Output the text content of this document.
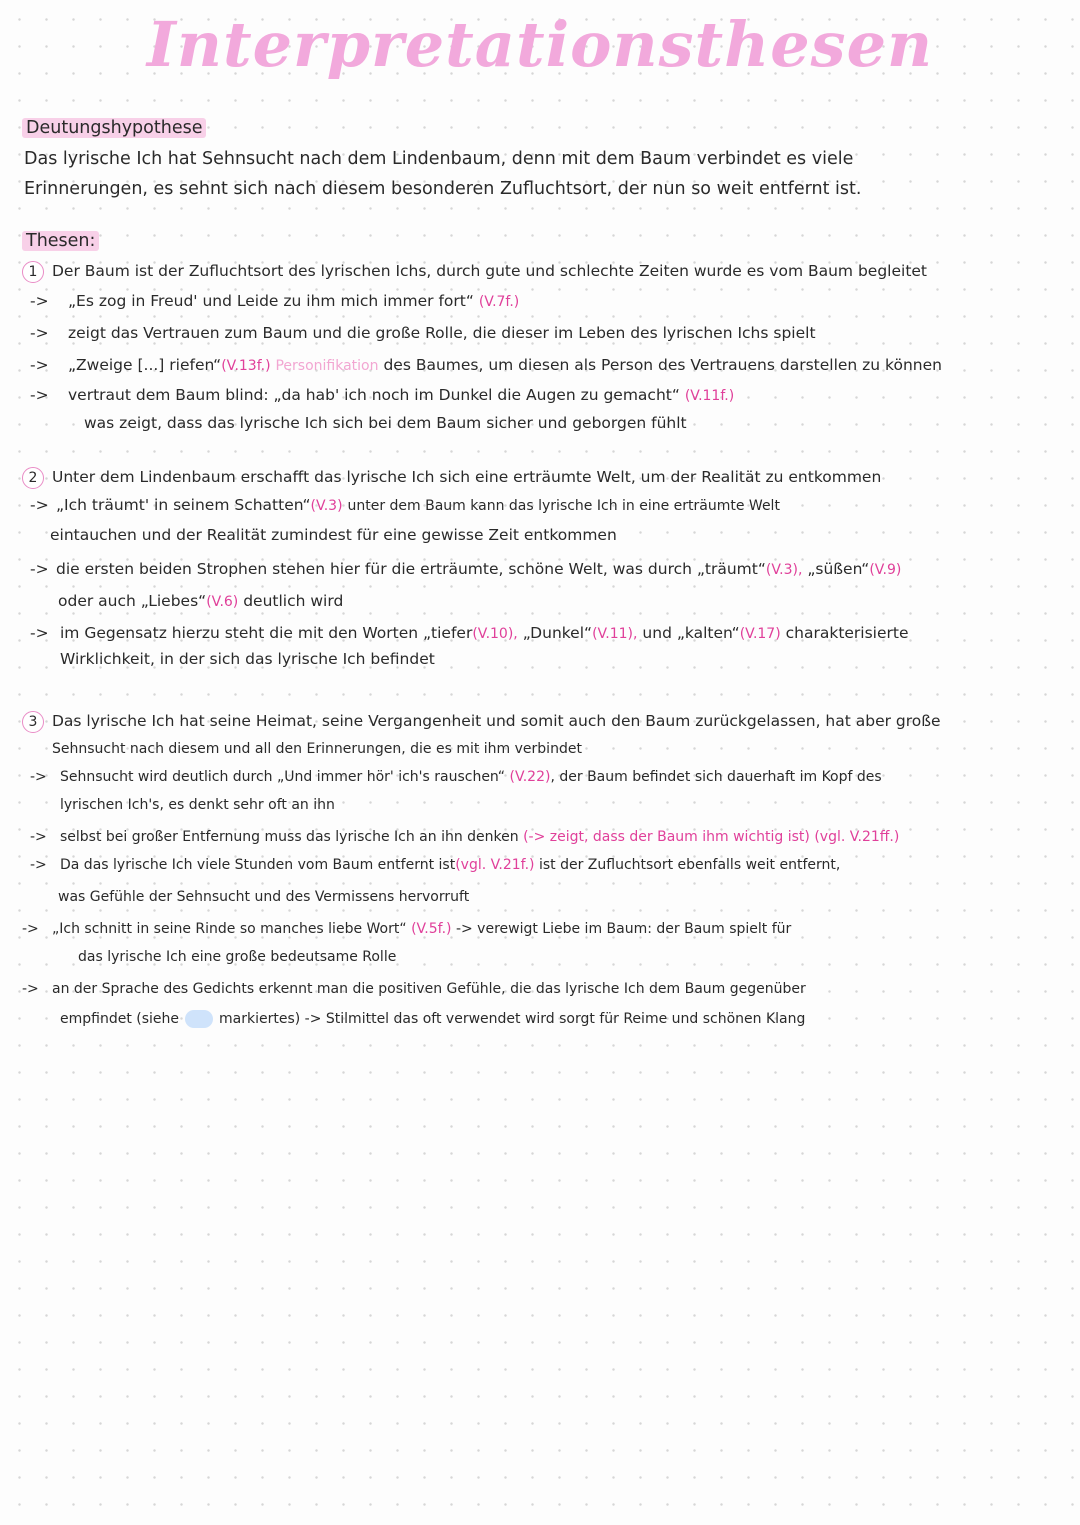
Interpretationsthesen
Deutungshypothese
Das lyrische Ich hat Sehnsucht nach dem Lindenbaum, denn mit dem Baum verbindet es viele
Erinnerungen, es sehnt sich nach diesem besonderen Zufluchtsort, der nun so weit entfernt ist.
Thesen:
1 Der Baum ist der Zufluchtsort des lyrischen Ichs, durch gute und schlechte Zeiten wurde es vom Baum begleitet
-> „Es zog in Freud' und Leide zu ihm mich immer fort“ (V.7f.)
-> zeigt das Vertrauen zum Baum und die große Rolle, die dieser im Leben des lyrischen Ichs spielt
-> „Zweige [...] riefen“(V.13f.) Personifikation des Baumes, um diesen als Person des Vertrauens darstellen zu können
-> vertraut dem Baum blind: „da hab' ich noch im Dunkel die Augen zu gemacht“ (V.11f.)
was zeigt, dass das lyrische Ich sich bei dem Baum sicher und geborgen fühlt
2 Unter dem Lindenbaum erschafft das lyrische Ich sich eine erträumte Welt, um der Realität zu entkommen
-> „Ich träumt' in seinem Schatten“(V.3) unter dem Baum kann das lyrische Ich in eine erträumte Welt
eintauchen und der Realität zumindest für eine gewisse Zeit entkommen
-> die ersten beiden Strophen stehen hier für die erträumte, schöne Welt, was durch „träumt“(V.3), „süßen“(V.9)
oder auch „Liebes“(V.6) deutlich wird
-> im Gegensatz hierzu steht die mit den Worten „tiefer(V.10), „Dunkel“(V.11), und „kalten“(V.17) charakterisierte
Wirklichkeit, in der sich das lyrische Ich befindet
3 Das lyrische Ich hat seine Heimat, seine Vergangenheit und somit auch den Baum zurückgelassen, hat aber große
Sehnsucht nach diesem und all den Erinnerungen, die es mit ihm verbindet
-> Sehnsucht wird deutlich durch „Und immer hör' ich's rauschen“ (V.22), der Baum befindet sich dauerhaft im Kopf des
lyrischen Ich's, es denkt sehr oft an ihn
-> selbst bei großer Entfernung muss das lyrische Ich an ihn denken (-> zeigt, dass der Baum ihm wichtig ist) (vgl. V.21ff.)
-> Da das lyrische Ich viele Stunden vom Baum entfernt ist(vgl. V.21f.) ist der Zufluchtsort ebenfalls weit entfernt,
was Gefühle der Sehnsucht und des Vermissens hervorruft
-> „Ich schnitt in seine Rinde so manches liebe Wort“ (V.5f.) -> verewigt Liebe im Baum: der Baum spielt für
das lyrische Ich eine große bedeutsame Rolle
-> an der Sprache des Gedichts erkennt man die positiven Gefühle, die das lyrische Ich dem Baum gegenüber
empfindet (siehe	markiertes) -> Stilmittel das oft verwendet wird sorgt für Reime und schönen Klang
